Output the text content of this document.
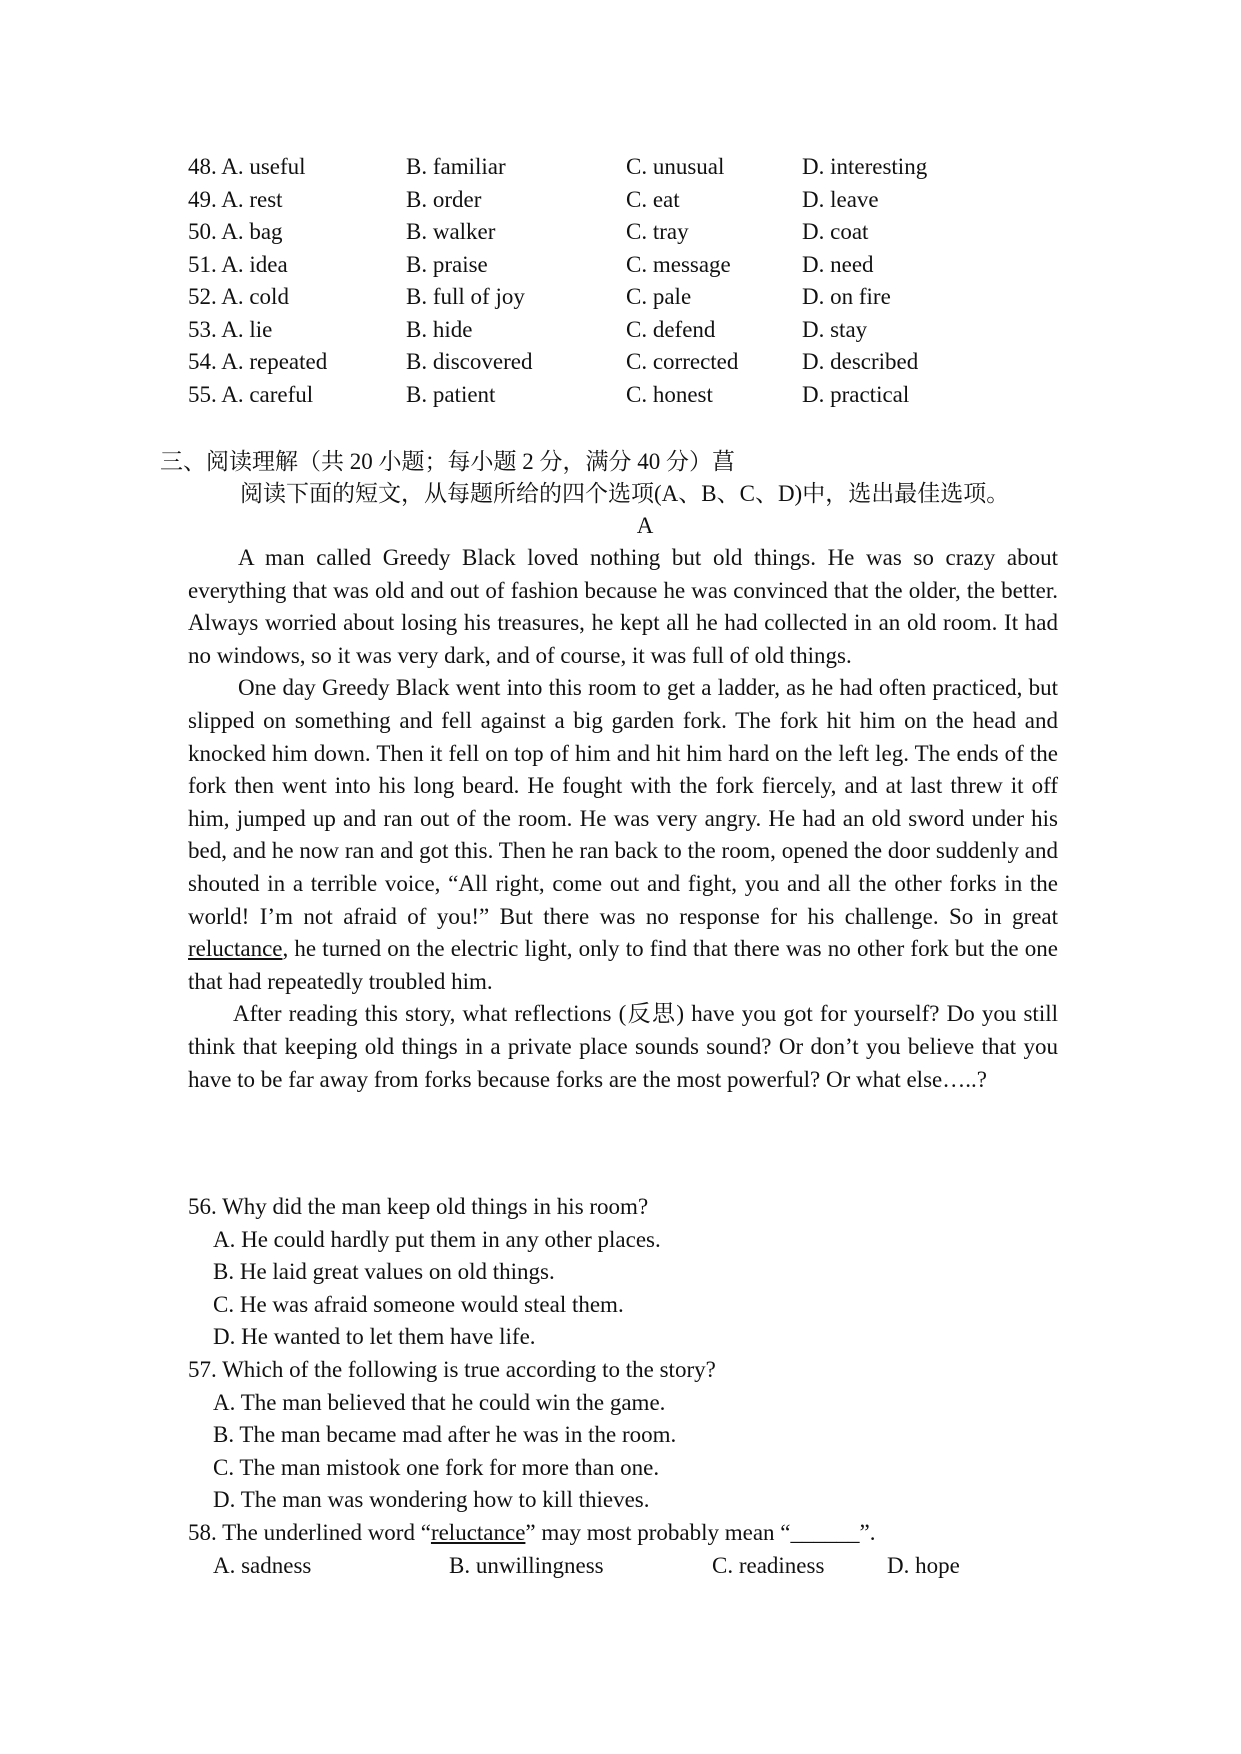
48. A. useful	B. familiar	C. unusual	D. interesting
49. A. rest	B. order	C. eat	D. leave
50. A. bag	B. walker	C. tray	D. coat
51. A. idea	B. praise	C. message	D. need
52. A. cold	B. full of joy	C. pale	D. on fire
53. A. lie	B. hide	C. defend	D. stay
54. A. repeated	B. discovered	C. corrected	D. described
55. A. careful	B. patient	C. honest	D. practical
三、阅读理解（共 20 小题；每小题 2 分，满分 40 分）菖
阅读下面的短文，从每题所给的四个选项(A、B、C、D)中，选出最佳选项。
A

A man called Greedy Black loved nothing but old things. He was so crazy about everything that was old and out of fashion because he was convinced that the older, the better. Always worried about losing his treasures, he kept all he had collected in an old room. It had no windows, so it was very dark, and of course, it was full of old things.

One day Greedy Black went into this room to get a ladder, as he had often practiced, but slipped on something and fell against a big garden fork. The fork hit him on the head and knocked him down. Then it fell on top of him and hit him hard on the left leg. The ends of the fork then went into his long beard. He fought with the fork fiercely, and at last threw it off him, jumped up and ran out of the room. He was very angry. He had an old sword under his bed, and he now ran and got this. Then he ran back to the room, opened the door suddenly and shouted in a terrible voice, “All right, come out and fight, you and all the other forks in the world! I’m not afraid of you!” But there was no response for his challenge. So in great reluctance, he turned on the electric light, only to find that there was no other fork but the one that had repeatedly troubled him.

After reading this story, what reflections (反思) have you got for yourself? Do you still think that keeping old things in a private place sounds sound? Or don’t you believe that you have to be far away from forks because forks are the most powerful? Or what else…..?

56. Why did the man keep old things in his room?
A. He could hardly put them in any other places.
B. He laid great values on old things.
C. He was afraid someone would steal them.
D. He wanted to let them have life.
57. Which of the following is true according to the story?
A. The man believed that he could win the game.
B. The man became mad after he was in the room.
C. The man mistook one fork for more than one.
D. The man was wondering how to kill thieves.
58. The underlined word “reluctance” may most probably mean “______”.
A. sadness	B. unwillingness	C. readiness	D. hope
